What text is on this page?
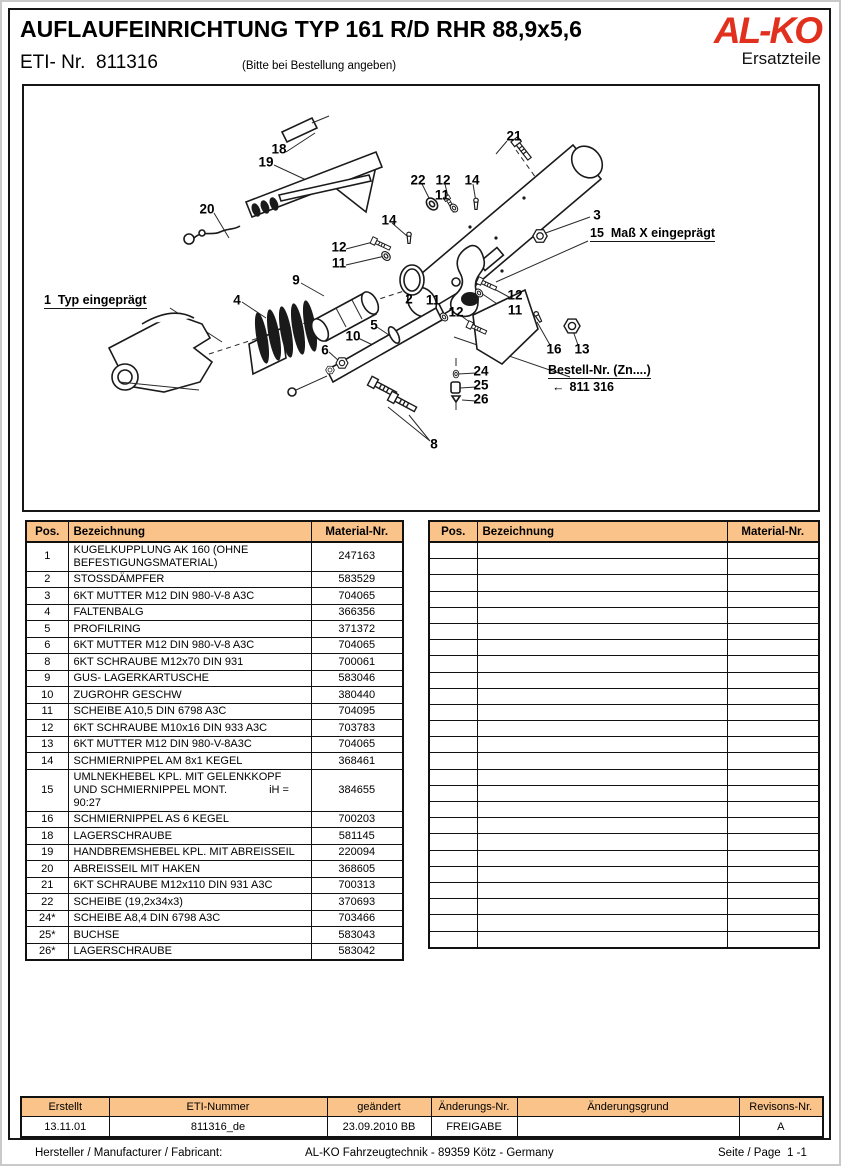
AUFLAUFEINRICHTUNG TYP 161 R/D RHR 88,9x5,6
ETI- Nr.  811316	(Bitte bei Bestellung angeben)
AL-KO
Ersatzteile
18
19
20
21
22 12 14
11
14
12
11
9
3
4	2 11
12
12
11
5
10
6	16 13
24
25
26
8
1  Typ eingeprägt
15  Maß X eingeprägt
Bestell-Nr. (Zn....)
← 811 316
Pos.	Bezeichnung	Material-Nr.
1	KUGELKUPPLUNG AK 160 (OHNE BEFESTIGUNGSMATERIAL)	247163
2	STOSSDÄMPFER	583529
3	6KT MUTTER M12 DIN 980-V-8 A3C	704065
4	FALTENBALG	366356
5	PROFILRING	371372
6	6KT MUTTER M12 DIN 980-V-8 A3C	704065
8	6KT SCHRAUBE M12x70 DIN 931	700061
9	GUS- LAGERKARTUSCHE	583046
10	ZUGROHR GESCHW	380440
11	SCHEIBE A10,5 DIN 6798 A3C	704095
12	6KT SCHRAUBE M10x16 DIN 933 A3C	703783
13	6KT MUTTER M12 DIN 980-V-8A3C	704065
14	SCHMIERNIPPEL AM 8x1 KEGEL	368461
15	UMLNEKHEBEL KPL. MIT GELENKKOPF UND SCHMIERNIPPEL MONT. iH = 90:27	384655
16	SCHMIERNIPPEL AS 6 KEGEL	700203
18	LAGERSCHRAUBE	581145
19	HANDBREMSHEBEL KPL. MIT ABREISSEIL	220094
20	ABREISSEIL MIT HAKEN	368605
21	6KT SCHRAUBE M12x110 DIN 931 A3C	700313
22	SCHEIBE (19,2x34x3)	370693
24*	SCHEIBE A8,4 DIN 6798 A3C	703466
25*	BUCHSE	583043
26*	LAGERSCHRAUBE	583042
Pos.	Bezeichnung	Material-Nr.

Erstellt	ETI-Nummer	geändert	Änderungs-Nr.	Änderungsgrund	Revisons-Nr.
13.11.01	811316_de	23.09.2010 BB	FREIGABE		A
Hersteller / Manufacturer / Fabricant:	AL-KO Fahrzeugtechnik - 89359 Kötz - Germany	Seite / Page  1 -1
